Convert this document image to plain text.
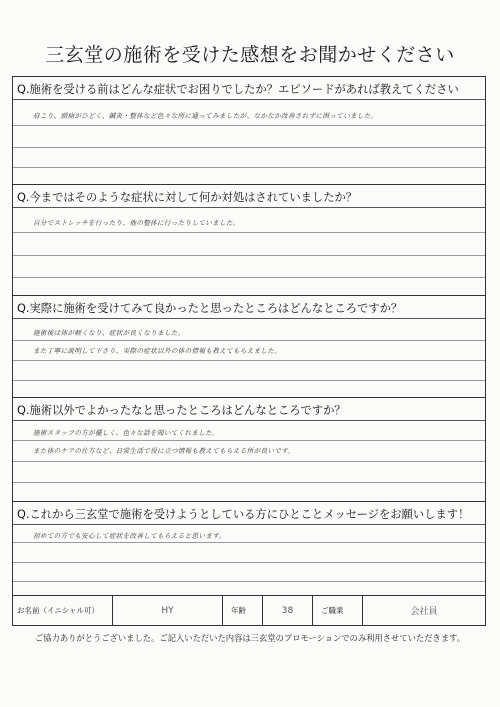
三玄堂の施術を受けた感想をお聞かせください
Q.施術を受ける前はどんな症状でお困りでしたか？エピソードがあれば教えてください
肩こり、頭痛がひどく、鍼灸・整体など色々な所に通ってみましたが、なかなか改善されずに困っていました。
Q.今まではそのような症状に対して何か対処はされていましたか？
自分でストレッチを行ったり、他の整体に行ったりしていました。
Q.実際に施術を受けてみて良かったと思ったところはどんなところですか？
施術後は体が軽くなり、症状が良くなりました。
また丁寧に説明して下さり、実際の症状以外の体の情報も教えてもらえました。
Q.施術以外でよかったなと思ったところはどんなところですか？
施術スタッフの方が優しく、色々な話を聞いてくれました。
また体のケアの仕方など、日常生活で役に立つ情報も教えてもらえる所が良いです。
Q.これから三玄堂で施術を受けようとしている方にひとことメッセージをお願いします！
初めての方でも安心して症状を改善してもらえると思います。
お名前（イニシャル可）	HY	年齢	38	ご職業	会社員
ご協力ありがとうございました。ご記入いただいた内容は三玄堂のプロモーションでのみ利用させていただきます。
